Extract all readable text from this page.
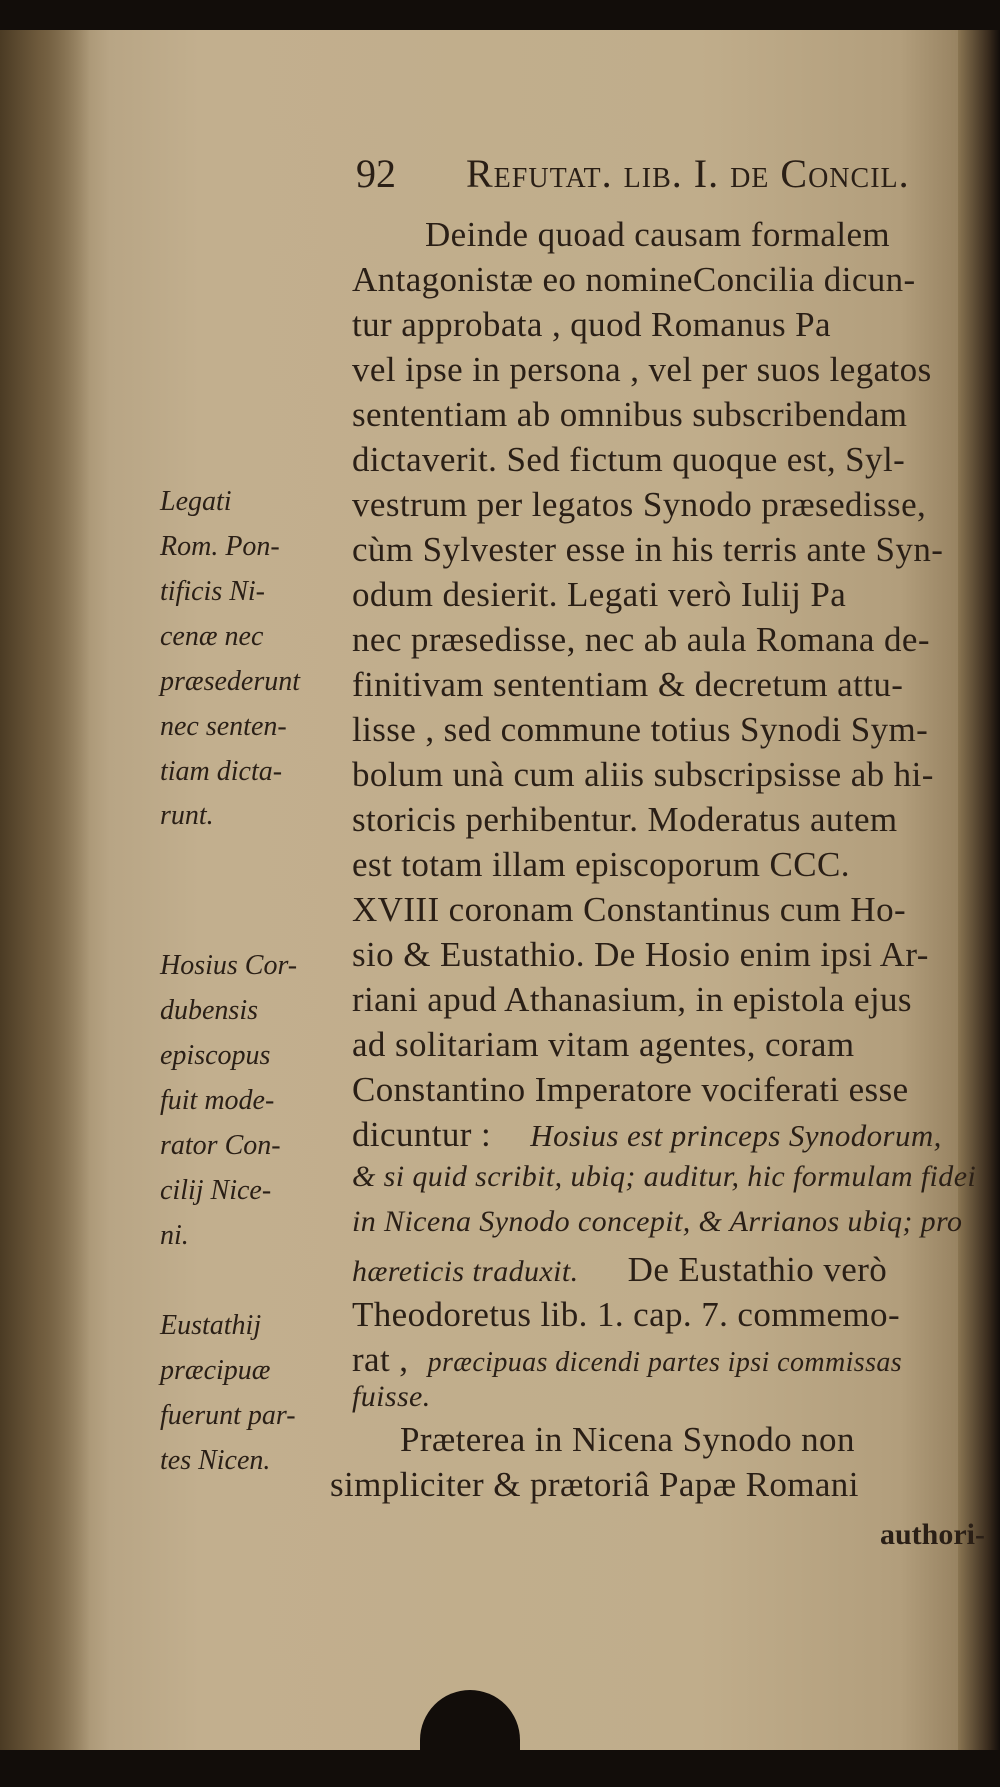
92 Refutat. lib. I. de Concil.
Deinde quoad causam formalem
Antagonistæ eo nomineConcilia dicun-
tur approbata , quod Romanus Pa
vel ipse in persona , vel per suos legatos
sententiam ab omnibus subscribendam
dictaverit. Sed fictum quoque est, Syl-
vestrum per legatos Synodo præsedisse,
cùm Sylvester esse in his terris ante Syn-
odum desierit. Legati verò Iulij Pa
nec præsedisse, nec ab aula Romana de-
finitivam sententiam & decretum attu-
lisse , sed commune totius Synodi Sym-
bolum unà cum aliis subscripsisse ab hi-
storicis perhibentur. Moderatus autem
est totam illam episcoporum CCC.
XVIII coronam Constantinus cum Ho-
sio & Eustathio. De Hosio enim ipsi Ar-
riani apud Athanasium, in epistola ejus
ad solitariam vitam agentes, coram
Constantino Imperatore vociferati esse
dicuntur : Hosius est princeps Synodorum,
& si quid scribit, ubiq; auditur, hic formulam fidei
in Nicena Synodo concepit, & Arrianos ubiq; pro
hæreticis traduxit. De Eustathio verò
Theodoretus lib. 1. cap. 7. commemo-
rat , præcipuas dicendi partes ipsi commissas
fuisse.
Præterea in Nicena Synodo non
simpliciter & prætoriâ Papæ Romani
authori-
Legati
Rom. Pon-
tificis Ni-
cenæ nec
præsederunt
nec senten-
tiam dicta-
runt.
Hosius Cor-
dubensis
episcopus
fuit mode-
rator Con-
cilij Nice-
ni.
Eustathij
præcipuæ
fuerunt par-
tes Nicen.
